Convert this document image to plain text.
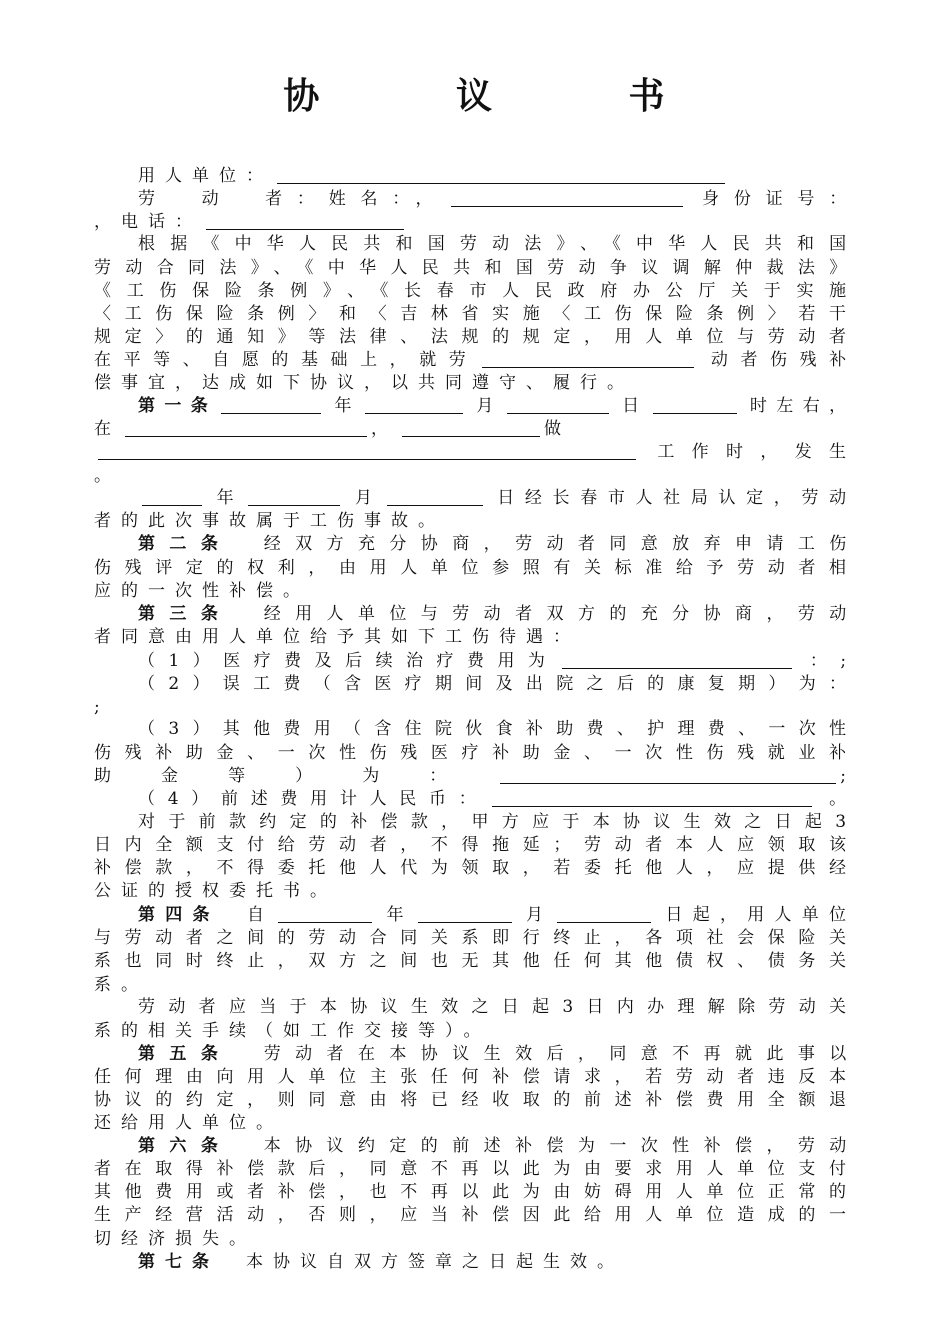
协	议	书
用人单位：
劳　 动　 者：姓名：，	身份证号：
，电话：
根据《中华人民共和国劳动法》、《中华人民共和国
劳动合同法》、《中华人民共和国劳动争议调解仲裁法》
《工伤保险条例》、《长春市人民政府办公厅关于实施
〈工伤保险条例〉和〈吉林省实施〈工伤保险条例〉若干
规定〉的通知》等法律、法规的规定，用人单位与劳动者
在平等、自愿的基础上，就劳	动者伤残补
偿事宜，达成如下协议，以共同遵守、履行。
第一条	年	月	日	时左右，
在	，	做
工作时，发生
。
年	月	日经长春市人社局认定，劳动
者的此次事故属于工伤事故。
第二条　 经双方充分协商，劳动者同意放弃申请工伤
伤残评定的权利，由用人单位参照有关标准给予劳动者相
应的一次性补偿。
第三条　 经用人单位与劳动者双方的充分协商，劳动
者同意由用人单位给予其如下工伤待遇：
（1）医疗费及后续治疗费用为	：;
（2）误工费（含医疗期间及出院之后的康复期）为：
;
（3）其他费用（含住院伙食补助费、护理费、一次性
伤残补助金、一次性伤残医疗补助金、一次性伤残就业补
助金等）为：	;
（4）前述费用计人民币：	。
对于前款约定的补偿款，甲方应于本协议生效之日起3
日内全额支付给劳动者，不得拖延；劳动者本人应领取该
补偿款，不得委托他人代为领取，若委托他人，应提供经
公证的授权委托书。
第四条　 自	年	月	日起，用人单位
与劳动者之间的劳动合同关系即行终止，各项社会保险关
系也同时终止，双方之间也无其他任何其他债权、债务关
系。
劳动者应当于本协议生效之日起3日内办理解除劳动关
系的相关手续（如工作交接等）。
第五条　 劳动者在本协议生效后，同意不再就此事以
任何理由向用人单位主张任何补偿请求，若劳动者违反本
协议的约定，则同意由将已经收取的前述补偿费用全额退
还给用人单位。
第六条　 本协议约定的前述补偿为一次性补偿，劳动
者在取得补偿款后，同意不再以此为由要求用人单位支付
其他费用或者补偿，也不再以此为由妨碍用人单位正常的
生产经营活动，否则，应当补偿因此给用人单位造成的一
切经济损失。
第七条　 本协议自双方签章之日起生效。
